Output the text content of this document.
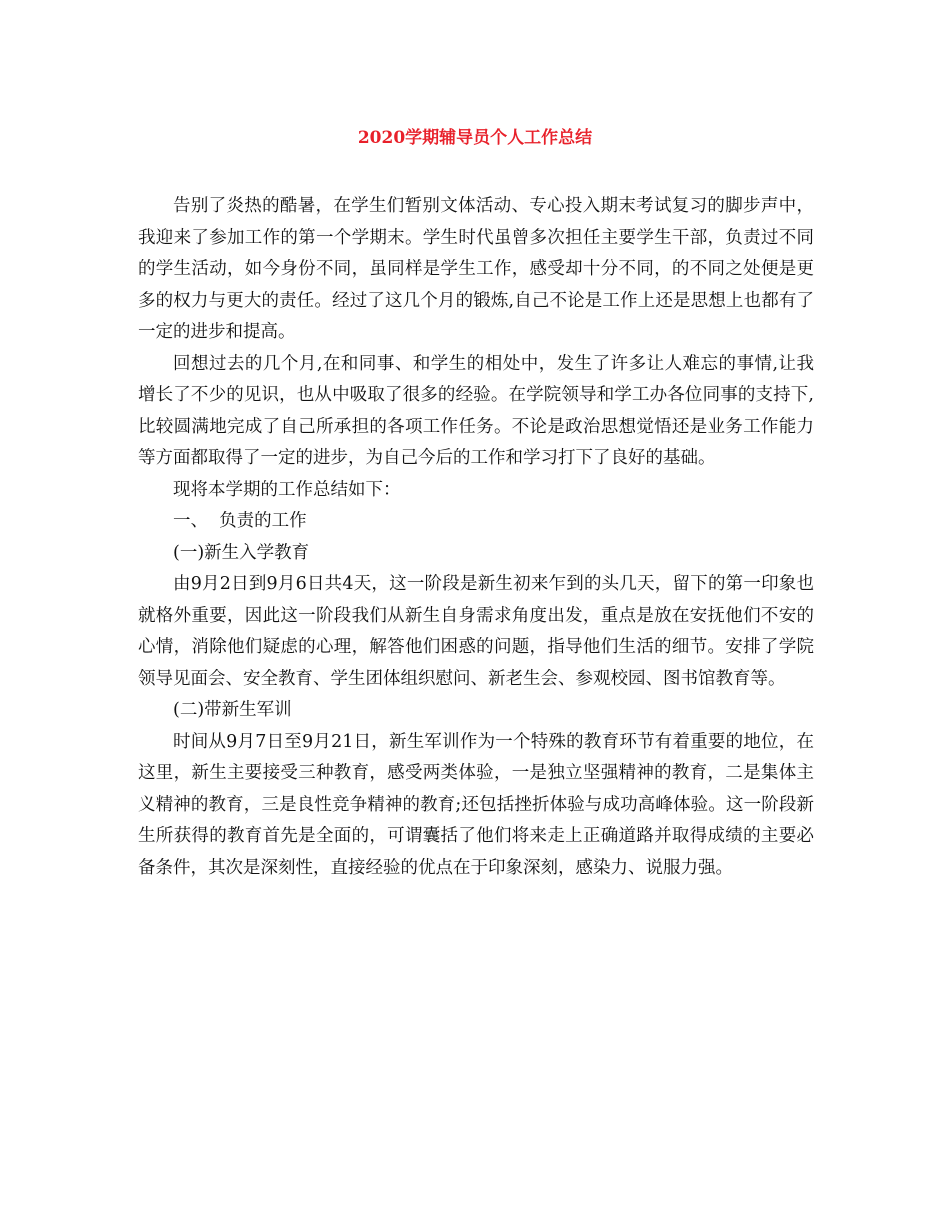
2020学期辅导员个人工作总结

告别了炎热的酷暑，在学生们暂别文体活动、专心投入期末考试复习的脚步声中，我迎来了参加工作的第一个学期末。学生时代虽曾多次担任主要学生干部，负责过不同的学生活动，如今身份不同，虽同样是学生工作，感受却十分不同，的不同之处便是更多的权力与更大的责任。经过了这几个月的锻炼,自己不论是工作上还是思想上也都有了一定的进步和提高。

回想过去的几个月,在和同事、和学生的相处中，发生了许多让人难忘的事情,让我增长了不少的见识，也从中吸取了很多的经验。在学院领导和学工办各位同事的支持下,比较圆满地完成了自己所承担的各项工作任务。不论是政治思想觉悟还是业务工作能力等方面都取得了一定的进步，为自己今后的工作和学习打下了良好的基础。

现将本学期的工作总结如下：

一、  负责的工作

(一)新生入学教育

由9月2日到9月6日共4天，这一阶段是新生初来乍到的头几天，留下的第一印象也就格外重要，因此这一阶段我们从新生自身需求角度出发，重点是放在安抚他们不安的心情，消除他们疑虑的心理，解答他们困惑的问题，指导他们生活的细节。安排了学院领导见面会、安全教育、学生团体组织慰问、新老生会、参观校园、图书馆教育等。

(二)带新生军训

时间从9月7日至9月21日，新生军训作为一个特殊的教育环节有着重要的地位，在这里，新生主要接受三种教育，感受两类体验，一是独立坚强精神的教育，二是集体主义精神的教育，三是良性竞争精神的教育;还包括挫折体验与成功高峰体验。这一阶段新生所获得的教育首先是全面的，可谓囊括了他们将来走上正确道路并取得成绩的主要必备条件，其次是深刻性，直接经验的优点在于印象深刻，感染力、说服力强。
